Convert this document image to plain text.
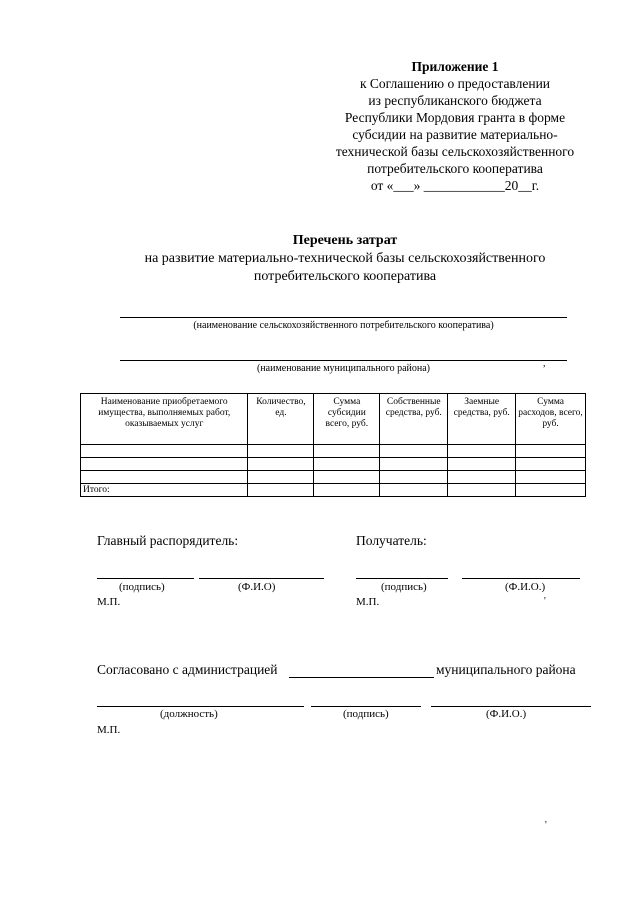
Приложение 1
к Соглашению о предоставлении
из республиканского бюджета
Республики Мордовия гранта в форме
субсидии на развитие материально-
технической базы сельскохозяйственного
потребительского кооператива
от «___» ____________20__г.
Перечень затрат
на развитие материально-технической базы сельскохозяйственного
потребительского кооператива
(наименование сельскохозяйственного потребительского кооператива)
(наименование муниципального района)	,
Наименование приобретаемого имущества, выполняемых работ, оказываемых услуг	Количество, ед.	Сумма субсидии всего, руб.	Собственные средства, руб.	Заемные средства, руб.	Сумма расходов, всего, руб.

Итого:					
Главный распорядитель:	Получатель:
(подпись)	(Ф.И.О)	(подпись)	(Ф.И.О.)
М.П.	М.П.	'
Согласовано с администрацией	муниципального района
(должность)	(подпись)	(Ф.И.О.)
М.П.
'
